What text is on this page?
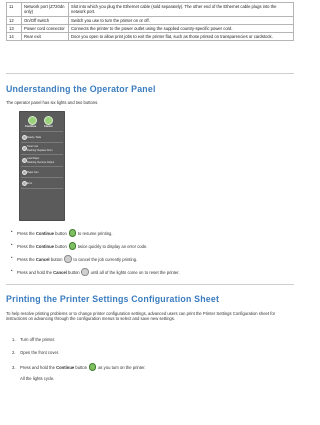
11	Network port (Z720dn only)	Slot into which you plug the Ethernet cable (sold separately). The other end of the Ethernet cable plugs into the network port.
12	On/Off switch	Switch you use to turn the printer on or off.
13	Power cord connector	Connects the printer to the power outlet using the supplied country-specific power cord.
14	Rear exit	Door you open to allow print jobs to exit the printer flat, such as those printed on transparencies or cardstock.
Understanding the Operator Panel
The operator panel has six lights and two buttons.
Continue	Cancel
Ready / Data
Toner Low
Flashing: Replace Drum
Load Paper
Flashing: Remove Output
Paper Jam
Error
• Press the Continue button  to resume printing.
• Press the Continue button  twice quickly to display an error code.
• Press the Cancel button  to cancel the job currently printing.
• Press and hold the Cancel button  until all of the lights come on to reset the printer.
Printing the Printer Settings Configuration Sheet
To help resolve printing problems or to change printer configuration settings, advanced users can print the Printer Settings Configuration sheet for instructions on advancing through the configuration menus to select and save new settings.
1. Turn off the printer.
2. Open the front cover.
3. Press and hold the Continue button  as you turn on the printer.
All the lights cycle.
